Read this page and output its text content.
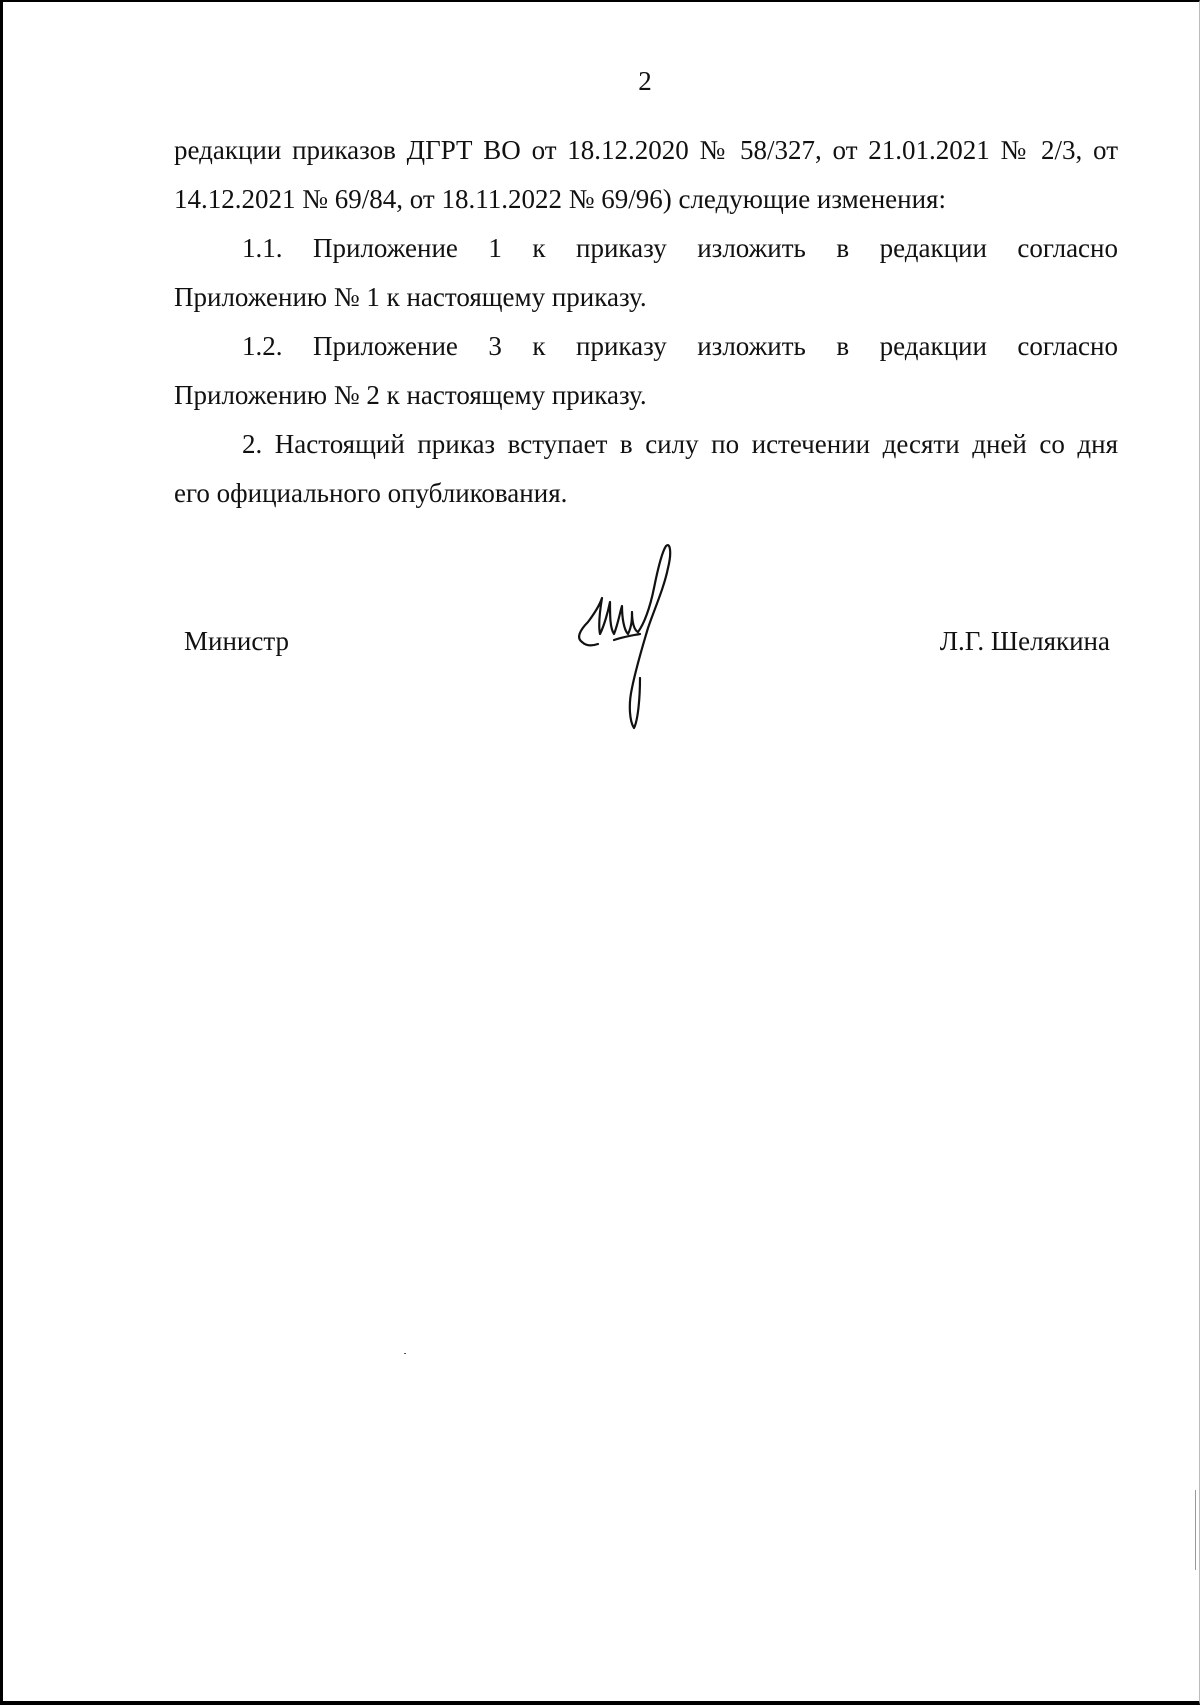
2
редакции приказов ДГРТ ВО от 18.12.2020 № 58/327, от 21.01.2021 № 2/3, от
14.12.2021 № 69/84, от 18.11.2022 № 69/96) следующие изменения:
1.1. Приложение 1 к приказу изложить в редакции согласно
Приложению № 1 к настоящему приказу.
1.2. Приложение 3 к приказу изложить в редакции согласно
Приложению № 2 к настоящему приказу.
2. Настоящий приказ вступает в силу по истечении десяти дней со дня
его официального опубликования.
Министр	Л.Г. Шелякина
